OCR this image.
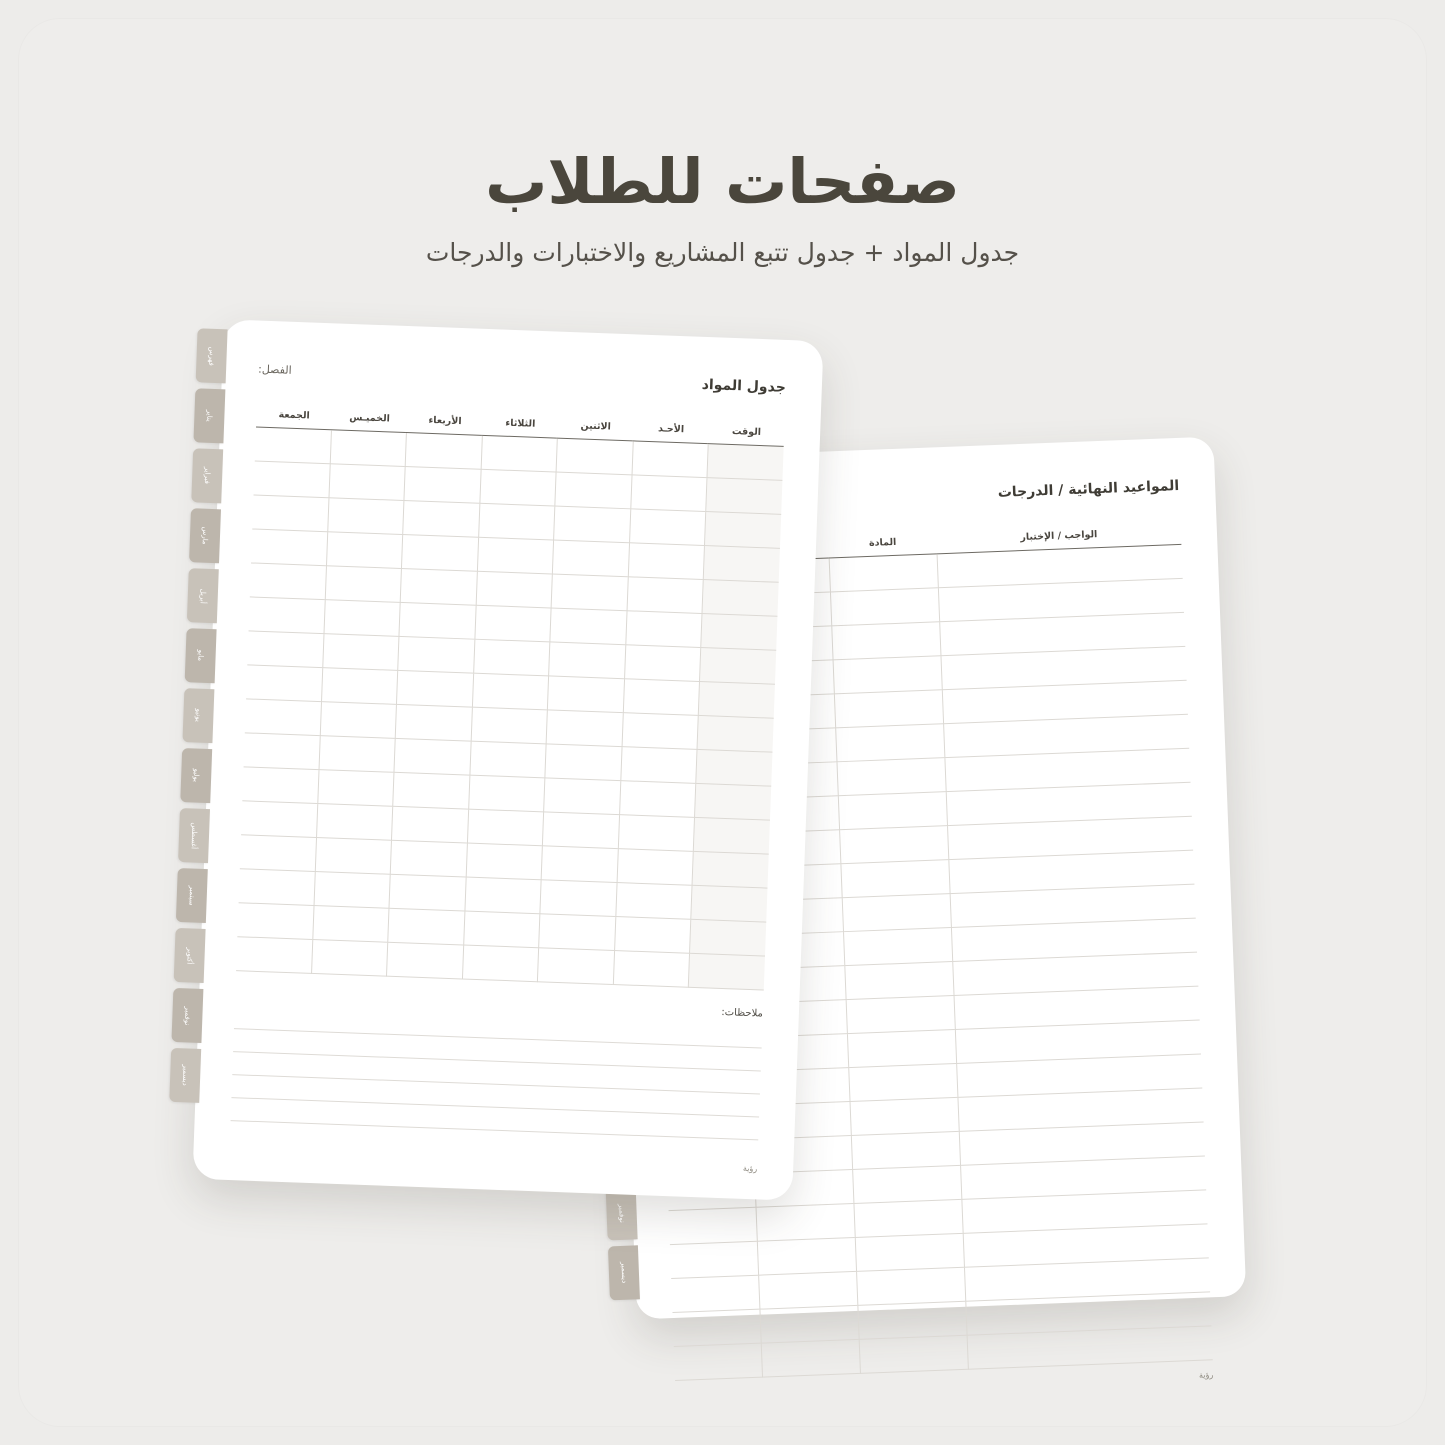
صفحات للطلاب
جدول المواد + جدول تتبع المشاريع والاختبارات والدرجات
نوفمبر
ديسمبر
المواعيد النهائية / الدرجات
الواجب / الإختبار	المادة		

رؤية
فهرس
يناير
فبراير
مارس
أبريل
مايو
يونيو
يوليو
أغسطس
سبتمبر
أكتوبر
نوفمبر
ديسمبر
جدول المواد
الفصل:
الوقت	الأحـد	الاثنين	الثلاثاء	الأربعاء	الخميـس	الجمعة

ملاحظات:
رؤية
